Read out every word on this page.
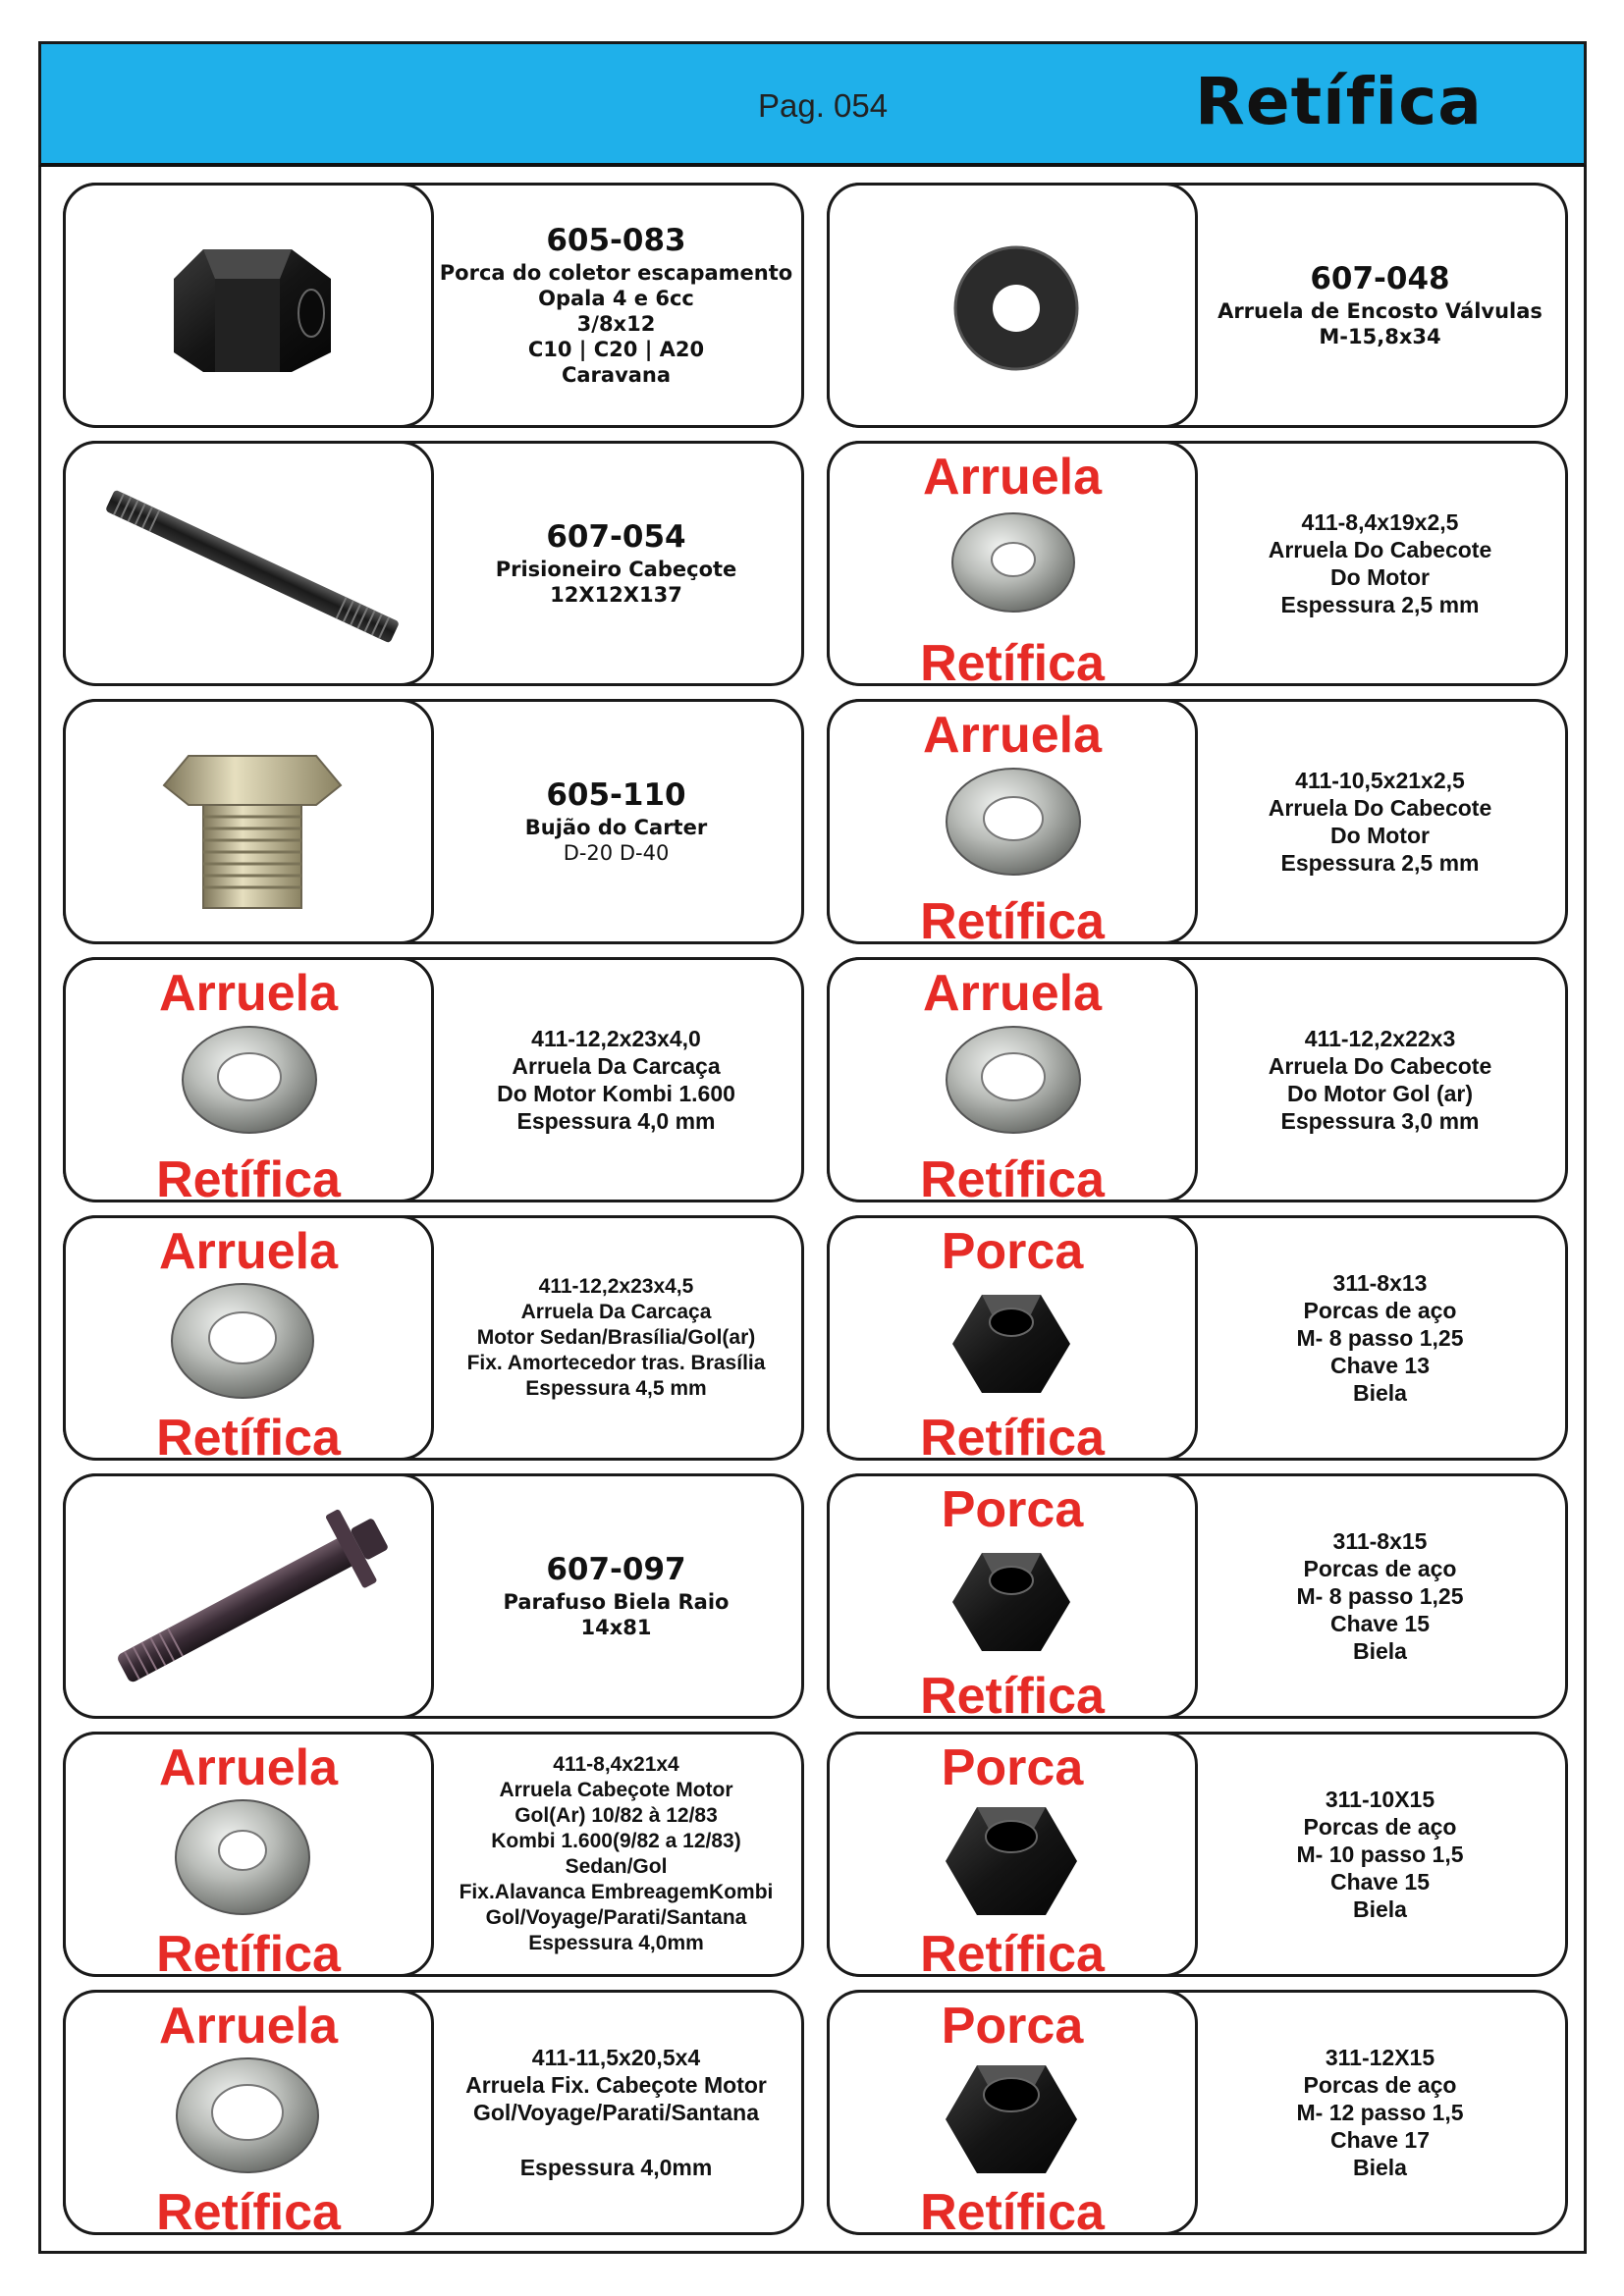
Pag. 054	Retífica
605-083
Porca do coletor escapamento
Opala 4 e 6cc
3/8x12
C10 | C20 | A20
Caravana
607-048
Arruela de Encosto Válvulas
M-15,8x34
607-054
Prisioneiro Cabeçote
12X12X137
Arruela
Retífica
411-8,4x19x2,5
Arruela Do Cabecote
Do Motor
Espessura 2,5 mm
605-110
Bujão do Carter
D-20 D-40
Arruela
Retífica
411-10,5x21x2,5
Arruela Do Cabecote
Do Motor
Espessura 2,5 mm
Arruela
Retífica
411-12,2x23x4,0
Arruela Da Carcaça
Do Motor Kombi 1.600
Espessura 4,0 mm
Arruela
Retífica
411-12,2x22x3
Arruela Do Cabecote
Do Motor Gol (ar)
Espessura 3,0 mm
Arruela
Retífica
411-12,2x23x4,5
Arruela Da Carcaça
Motor Sedan/Brasília/Gol(ar)
Fix. Amortecedor tras. Brasília
Espessura 4,5 mm
Porca
Retífica
311-8x13
Porcas de aço
M- 8 passo 1,25
Chave 13
Biela
607-097
Parafuso Biela Raio
14x81
Porca
Retífica
311-8x15
Porcas de aço
M- 8 passo 1,25
Chave 15
Biela
Arruela
Retífica
411-8,4x21x4
Arruela Cabeçote Motor
Gol(Ar) 10/82 à 12/83
Kombi 1.600(9/82 a 12/83)
Sedan/Gol
Fix.Alavanca EmbreagemKombi
Gol/Voyage/Parati/Santana
Espessura 4,0mm
Porca
Retífica
311-10X15
Porcas de aço
M- 10 passo 1,5
Chave 15
Biela
Arruela
Retífica
411-11,5x20,5x4
Arruela Fix. Cabeçote Motor
Gol/Voyage/Parati/Santana
Espessura 4,0mm
Porca
Retífica
311-12X15
Porcas de aço
M- 12 passo 1,5
Chave 17
Biela
